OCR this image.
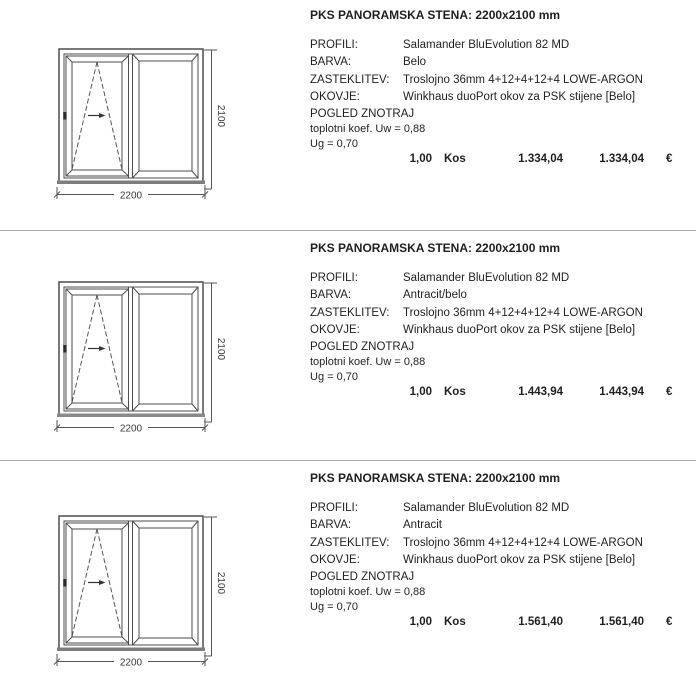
2200
2100
PKS PANORAMSKA STENA: 2200x2100 mm
PROFILI:	Salamander BluEvolution 82 MD
BARVA:	Belo
ZASTEKLITEV:	Troslojno 36mm 4+12+4+12+4 LOWE-ARGON
OKOVJE:	Winkhaus duoPort okov za PSK stijene [Belo]
POGLED ZNOTRAJ
toplotni koef. Uw = 0,88
Ug = 0,70
1,00 Kos	1.334,04	1.334,04 €
2200
2100
PKS PANORAMSKA STENA: 2200x2100 mm
PROFILI:	Salamander BluEvolution 82 MD
BARVA:	Antracit/belo
ZASTEKLITEV:	Troslojno 36mm 4+12+4+12+4 LOWE-ARGON
OKOVJE:	Winkhaus duoPort okov za PSK stijene [Belo]
POGLED ZNOTRAJ
toplotni koef. Uw = 0,88
Ug = 0,70
1,00 Kos	1.443,94	1.443,94 €
2200
2100
PKS PANORAMSKA STENA: 2200x2100 mm
PROFILI:	Salamander BluEvolution 82 MD
BARVA:	Antracit
ZASTEKLITEV:	Troslojno 36mm 4+12+4+12+4 LOWE-ARGON
OKOVJE:	Winkhaus duoPort okov za PSK stijene [Belo]
POGLED ZNOTRAJ
toplotni koef. Uw = 0,88
Ug = 0,70
1,00 Kos	1.561,40	1.561,40 €
